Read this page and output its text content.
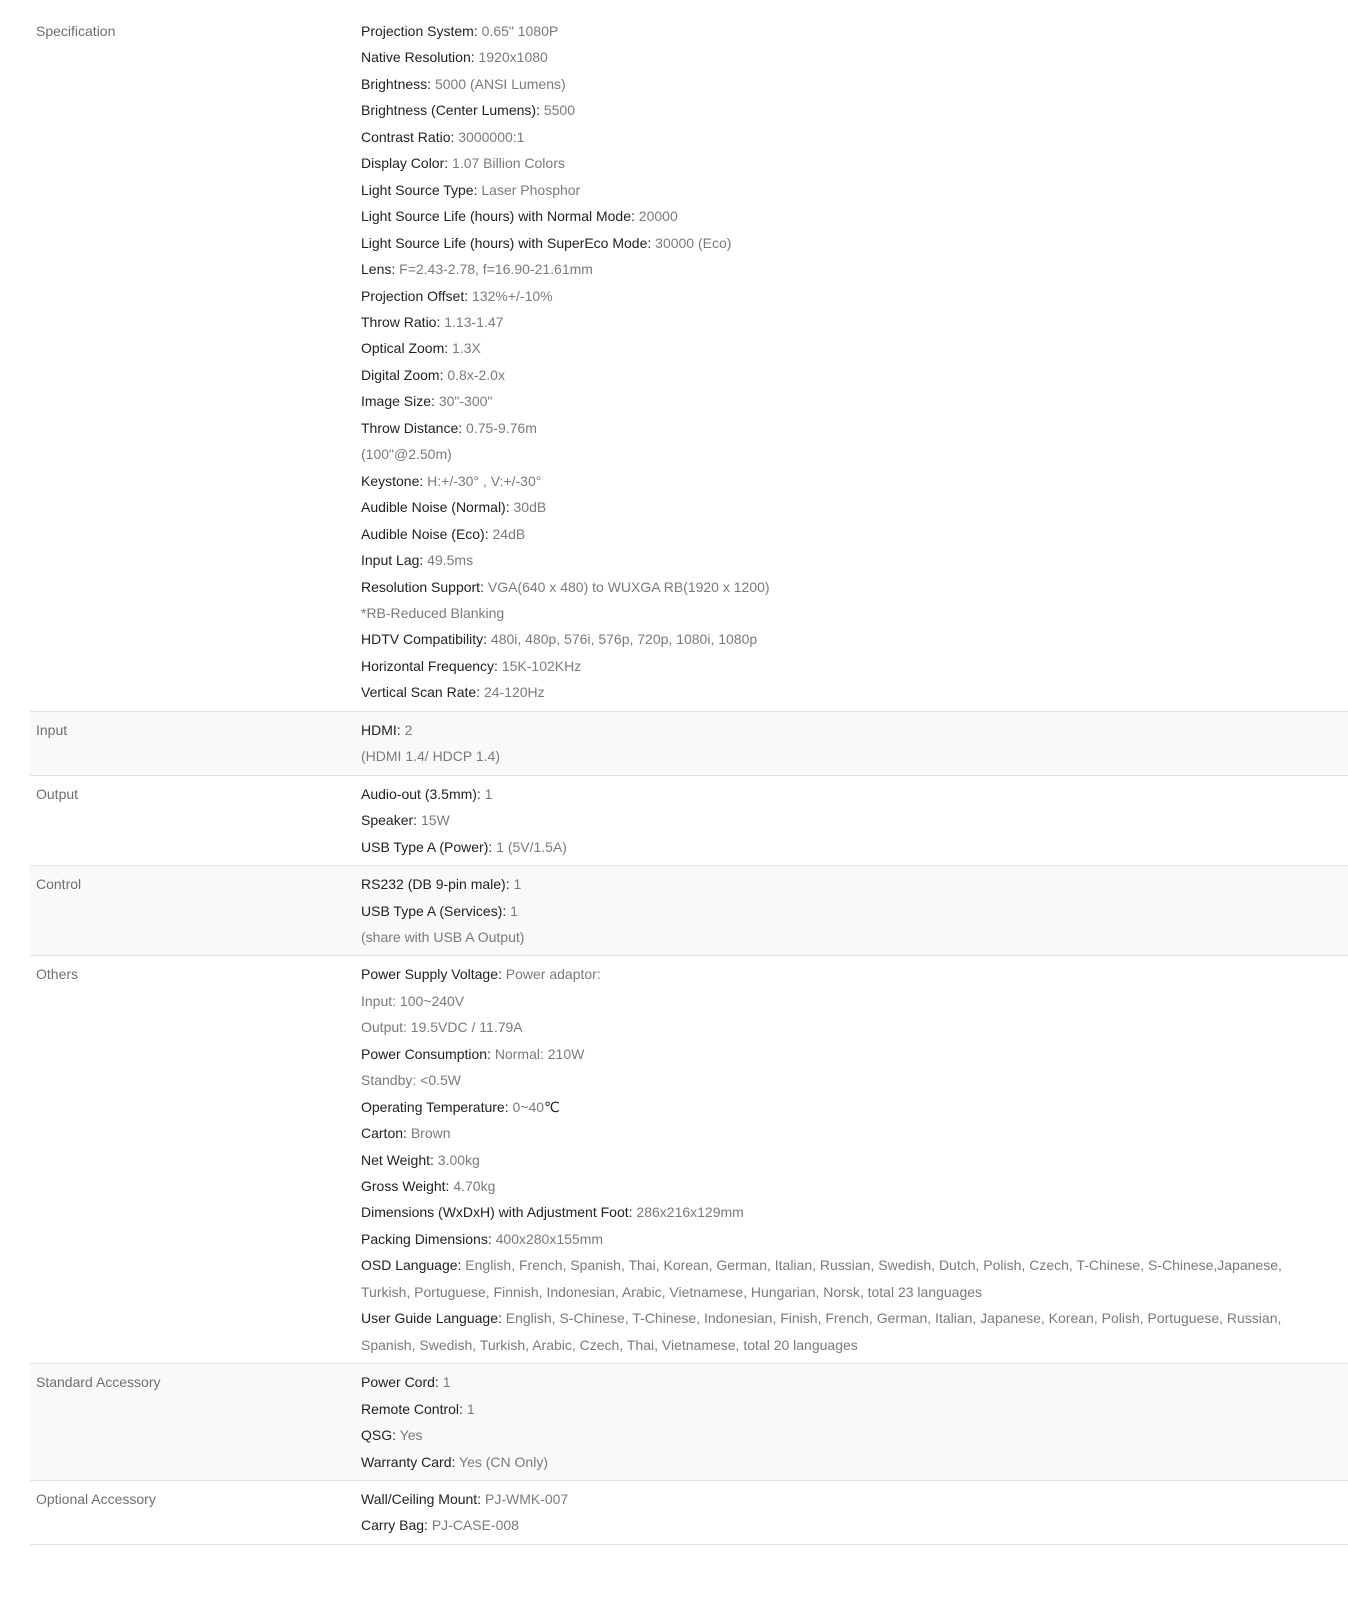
Specification	Projection System: 0.65" 1080P
Native Resolution: 1920x1080
Brightness: 5000 (ANSI Lumens)
Brightness (Center Lumens): 5500
Contrast Ratio: 3000000:1
Display Color: 1.07 Billion Colors
Light Source Type: Laser Phosphor
Light Source Life (hours) with Normal Mode: 20000
Light Source Life (hours) with SuperEco Mode: 30000 (Eco)
Lens: F=2.43-2.78, f=16.90-21.61mm
Projection Offset: 132%+/-10%
Throw Ratio: 1.13-1.47
Optical Zoom: 1.3X
Digital Zoom: 0.8x-2.0x
Image Size: 30"-300"
Throw Distance: 0.75-9.76m
(100"@2.50m)
Keystone: H:+/-30° , V:+/-30°
Audible Noise (Normal): 30dB
Audible Noise (Eco): 24dB
Input Lag: 49.5ms
Resolution Support: VGA(640 x 480) to WUXGA RB(1920 x 1200)
*RB-Reduced Blanking
HDTV Compatibility: 480i, 480p, 576i, 576p, 720p, 1080i, 1080p
Horizontal Frequency: 15K-102KHz
Vertical Scan Rate: 24-120Hz
Input	HDMI: 2
(HDMI 1.4/ HDCP 1.4)
Output	Audio-out (3.5mm): 1
Speaker: 15W
USB Type A (Power): 1 (5V/1.5A)
Control	RS232 (DB 9-pin male): 1
USB Type A (Services): 1
(share with USB A Output)
Others	Power Supply Voltage: Power adaptor:
Input: 100~240V
Output: 19.5VDC / 11.79A
Power Consumption: Normal: 210W
Standby: <0.5W
Operating Temperature: 0~40℃
Carton: Brown
Net Weight: 3.00kg
Gross Weight: 4.70kg
Dimensions (WxDxH) with Adjustment Foot: 286x216x129mm
Packing Dimensions: 400x280x155mm
OSD Language: English, French, Spanish, Thai, Korean, German, Italian, Russian, Swedish, Dutch, Polish, Czech, T-Chinese, S-Chinese,Japanese, Turkish, Portuguese, Finnish, Indonesian, Arabic, Vietnamese, Hungarian, Norsk, total 23 languages
User Guide Language: English, S-Chinese, T-Chinese, Indonesian, Finish, French, German, Italian, Japanese, Korean, Polish, Portuguese, Russian, Spanish, Swedish, Turkish, Arabic, Czech, Thai, Vietnamese, total 20 languages
Standard Accessory	Power Cord: 1
Remote Control: 1
QSG: Yes
Warranty Card: Yes (CN Only)
Optional Accessory	Wall/Ceiling Mount: PJ-WMK-007
Carry Bag: PJ-CASE-008
